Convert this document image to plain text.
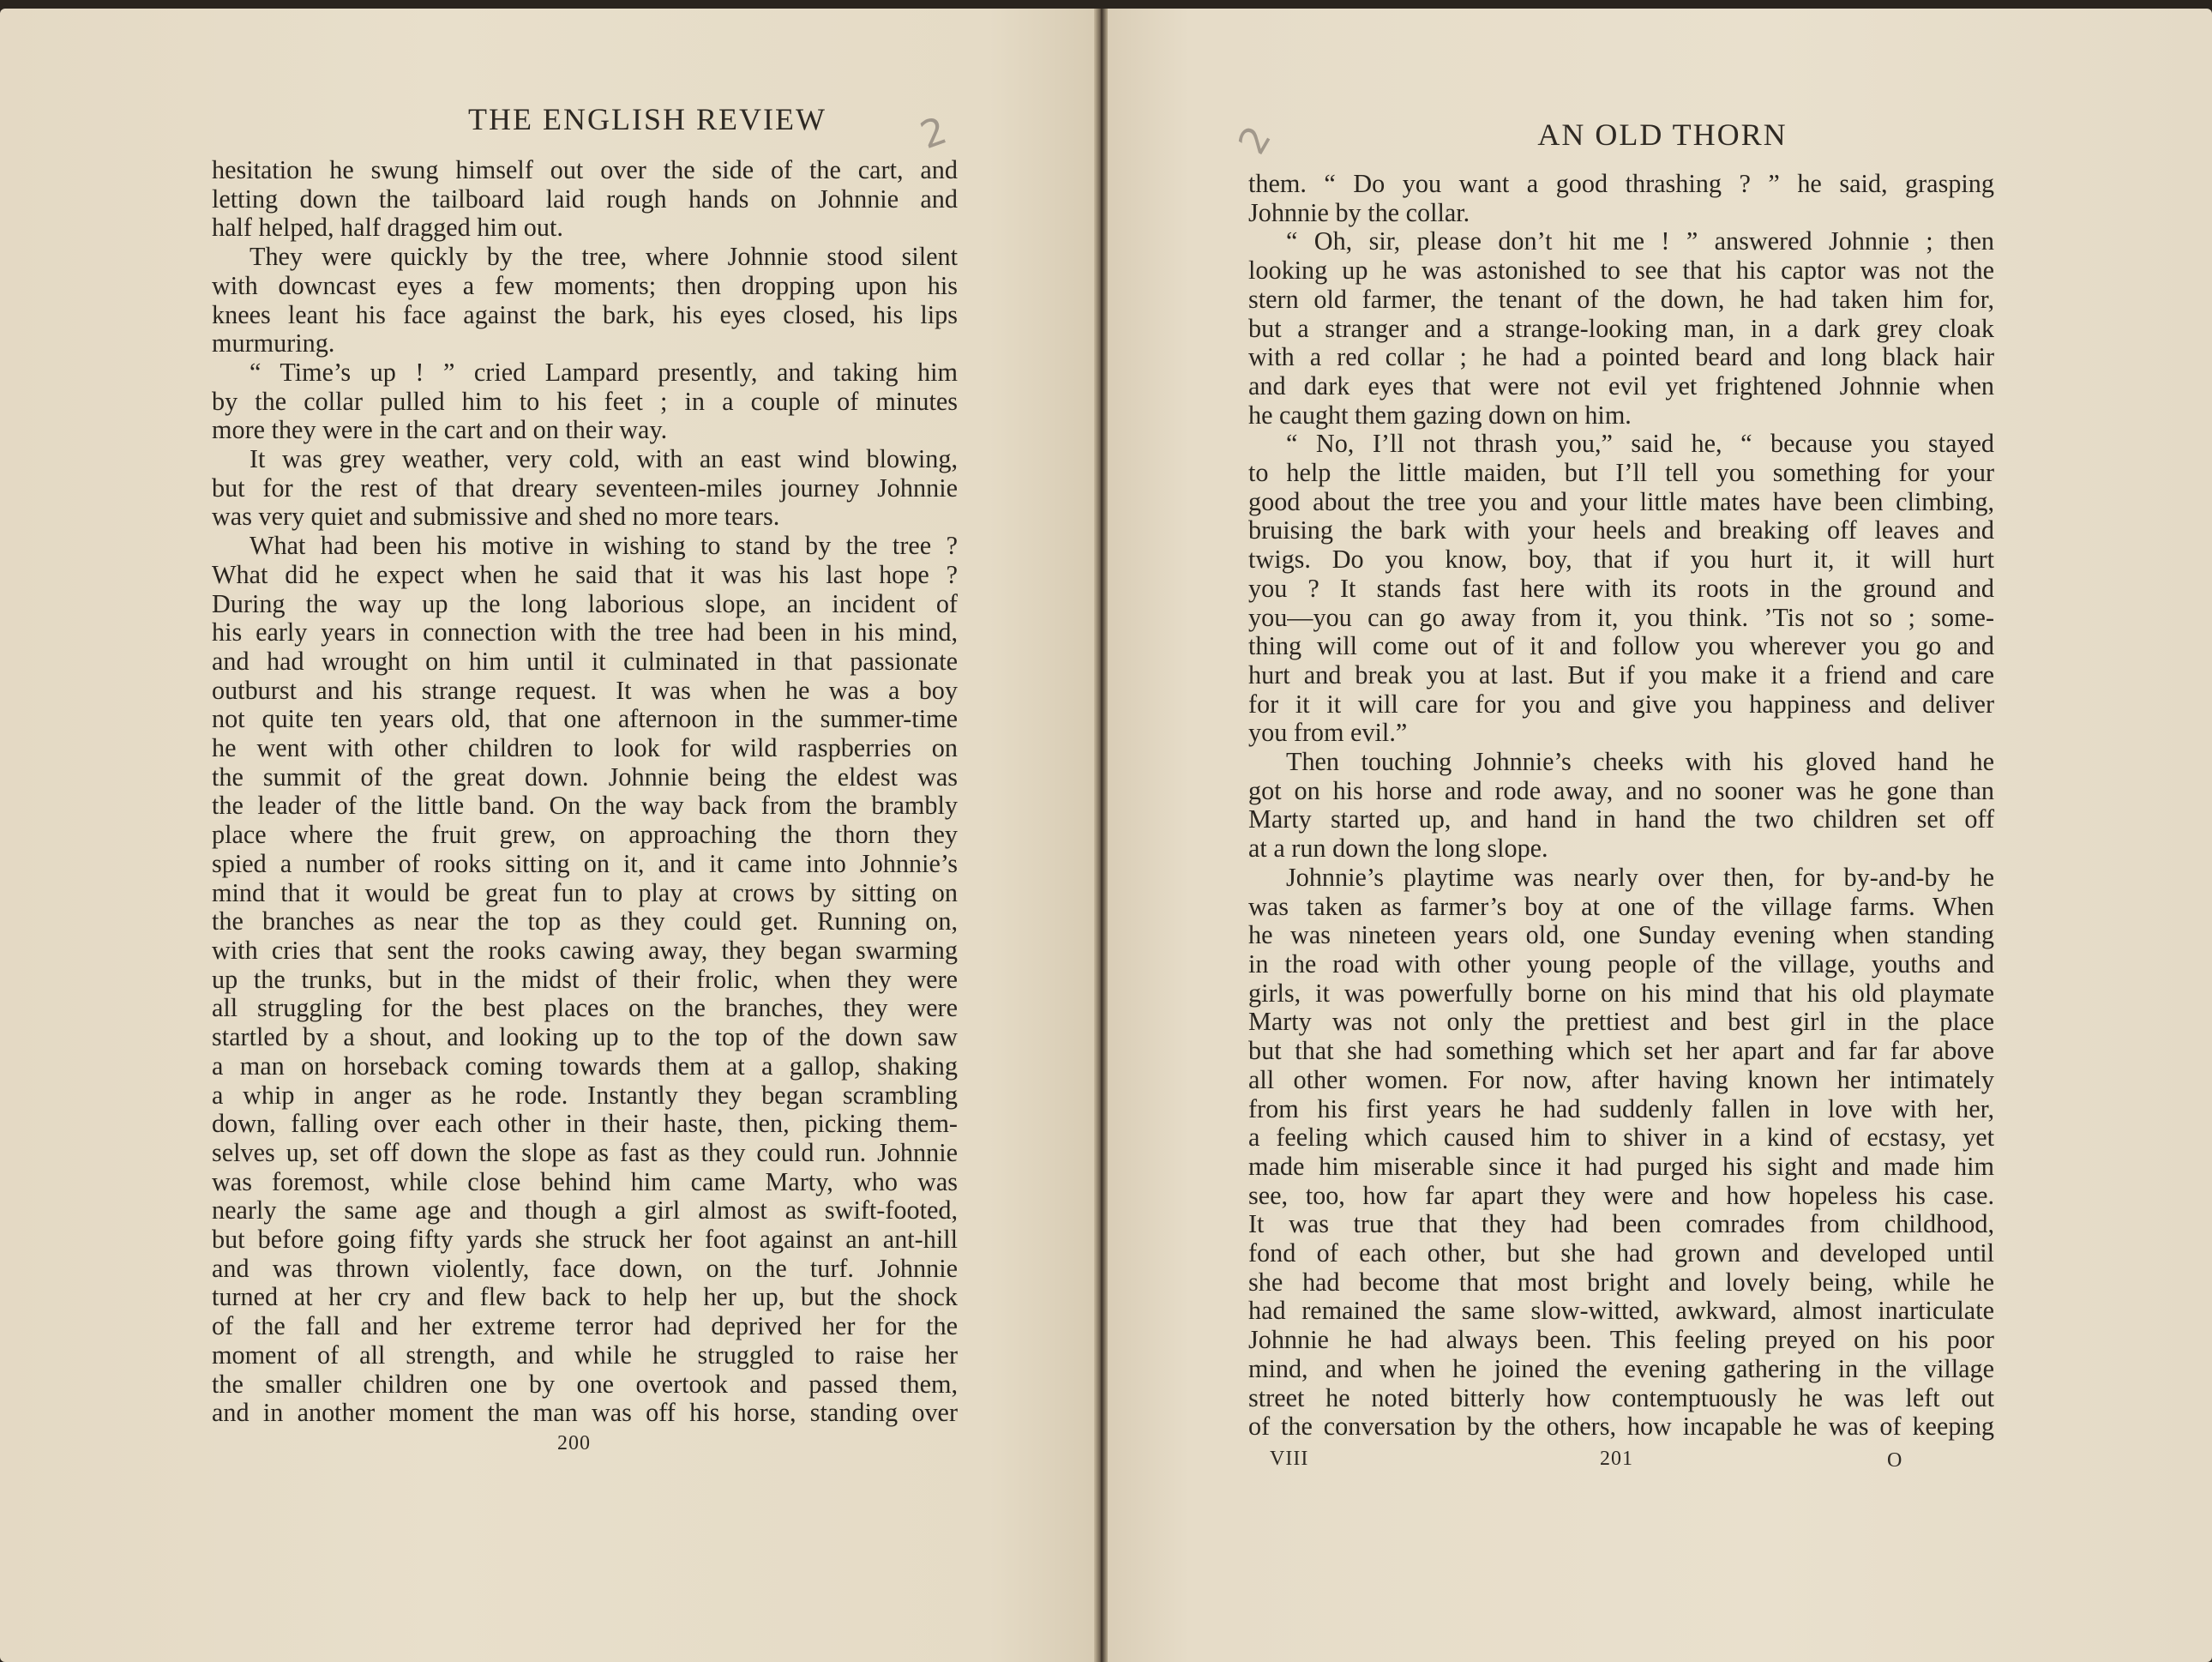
THE ENGLISH REVIEW	2
hesitation he swung himself out over the side of the cart, and
letting down the tailboard laid rough hands on Johnnie and
half helped, half dragged him out.
They were quickly by the tree, where Johnnie stood silent
with downcast eyes a few moments; then dropping upon his
knees leant his face against the bark, his eyes closed, his lips
murmuring.
“ Time’s up ! ” cried Lampard presently, and taking him
by the collar pulled him to his feet ; in a couple of minutes
more they were in the cart and on their way.
It was grey weather, very cold, with an east wind blowing,
but for the rest of that dreary seventeen-miles journey Johnnie
was very quiet and submissive and shed no more tears.
What had been his motive in wishing to stand by the tree ?
What did he expect when he said that it was his last hope ?
During the way up the long laborious slope, an incident of
his early years in connection with the tree had been in his mind,
and had wrought on him until it culminated in that passionate
outburst and his strange request. It was when he was a boy
not quite ten years old, that one afternoon in the summer-time
he went with other children to look for wild raspberries on
the summit of the great down. Johnnie being the eldest was
the leader of the little band. On the way back from the brambly
place where the fruit grew, on approaching the thorn they
spied a number of rooks sitting on it, and it came into Johnnie’s
mind that it would be great fun to play at crows by sitting on
the branches as near the top as they could get. Running on,
with cries that sent the rooks cawing away, they began swarming
up the trunks, but in the midst of their frolic, when they were
all struggling for the best places on the branches, they were
startled by a shout, and looking up to the top of the down saw
a man on horseback coming towards them at a gallop, shaking
a whip in anger as he rode. Instantly they began scrambling
down, falling over each other in their haste, then, picking them-
selves up, set off down the slope as fast as they could run. Johnnie
was foremost, while close behind him came Marty, who was
nearly the same age and though a girl almost as swift-footed,
but before going fifty yards she struck her foot against an ant-hill
and was thrown violently, face down, on the turf. Johnnie
turned at her cry and flew back to help her up, but the shock
of the fall and her extreme terror had deprived her for the
moment of all strength, and while he struggled to raise her
the smaller children one by one overtook and passed them,
and in another moment the man was off his horse, standing over
200
AN OLD THORN
2
them. “ Do you want a good thrashing ? ” he said, grasping
Johnnie by the collar.
“ Oh, sir, please don’t hit me ! ” answered Johnnie ; then
looking up he was astonished to see that his captor was not the
stern old farmer, the tenant of the down, he had taken him for,
but a stranger and a strange-looking man, in a dark grey cloak
with a red collar ; he had a pointed beard and long black hair
and dark eyes that were not evil yet frightened Johnnie when
he caught them gazing down on him.
“ No, I’ll not thrash you,” said he, “ because you stayed
to help the little maiden, but I’ll tell you something for your
good about the tree you and your little mates have been climbing,
bruising the bark with your heels and breaking off leaves and
twigs. Do you know, boy, that if you hurt it, it will hurt
you ? It stands fast here with its roots in the ground and
you—you can go away from it, you think. ’Tis not so ; some-
thing will come out of it and follow you wherever you go and
hurt and break you at last. But if you make it a friend and care
for it it will care for you and give you happiness and deliver
you from evil.”
Then touching Johnnie’s cheeks with his gloved hand he
got on his horse and rode away, and no sooner was he gone than
Marty started up, and hand in hand the two children set off
at a run down the long slope.
Johnnie’s playtime was nearly over then, for by-and-by he
was taken as farmer’s boy at one of the village farms. When
he was nineteen years old, one Sunday evening when standing
in the road with other young people of the village, youths and
girls, it was powerfully borne on his mind that his old playmate
Marty was not only the prettiest and best girl in the place
but that she had something which set her apart and far far above
all other women. For now, after having known her intimately
from his first years he had suddenly fallen in love with her,
a feeling which caused him to shiver in a kind of ecstasy, yet
made him miserable since it had purged his sight and made him
see, too, how far apart they were and how hopeless his case.
It was true that they had been comrades from childhood,
fond of each other, but she had grown and developed until
she had become that most bright and lovely being, while he
had remained the same slow-witted, awkward, almost inarticulate
Johnnie he had always been. This feeling preyed on his poor
mind, and when he joined the evening gathering in the village
street he noted bitterly how contemptuously he was left out
of the conversation by the others, how incapable he was of keeping
VIII	201	O
